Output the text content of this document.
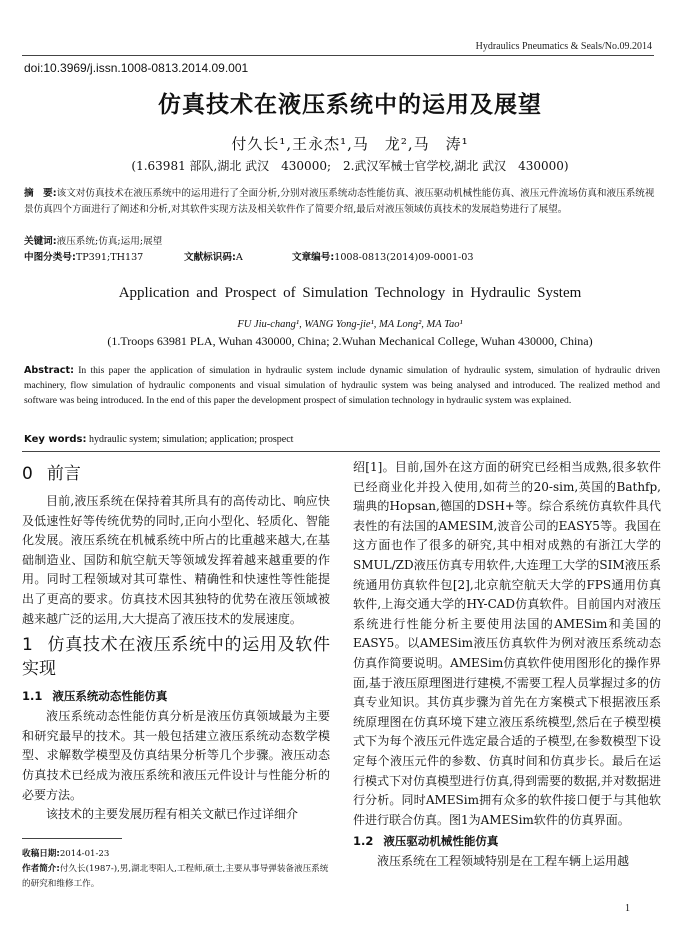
Hydraulics Pneumatics & Seals/No.09.2014
doi:10.3969/j.issn.1008-0813.2014.09.001
仿真技术在液压系统中的运用及展望
付久长¹,王永杰¹,马　龙²,马　涛¹
(1.63981 部队,湖北 武汉　430000;　2.武汉军械士官学校,湖北 武汉　430000)
摘　要:该文对仿真技术在液压系统中的运用进行了全面分析,分别对液压系统动态性能仿真、液压驱动机械性能仿真、液压元件流场仿真和液压系统视景仿真四个方面进行了阐述和分析,对其软件实现方法及相关软件作了简要介绍,最后对液压领域仿真技术的发展趋势进行了展望。
关键词:液压系统;仿真;运用;展望
中图分类号:TP391;TH137	文献标识码:A	文章编号:1008-0813(2014)09-0001-03
Application and Prospect of Simulation Technology in Hydraulic System
FU Jiu-chang¹, WANG Yong-jie¹, MA Long², MA Tao¹
(1.Troops 63981 PLA, Wuhan 430000, China; 2.Wuhan Mechanical College, Wuhan 430000, China)
Abstract: In this paper the application of simulation in hydraulic system include dynamic simulation of hydraulic system, simulation of hydraulic driven machinery, flow simulation of hydraulic components and visual simulation of hydraulic system was being analysed and introduced. The realized method and software was being introduced. In the end of this paper the development prospect of simulation technology in hydraulic system was explained.
Key words: hydraulic system; simulation; application; prospect
0 前言

目前,液压系统在保持着其所具有的高传动比、响应快及低速性好等传统优势的同时,正向小型化、轻质化、智能化发展。液压系统在机械系统中所占的比重越来越大,在基础制造业、国防和航空航天等领域发挥着越来越重要的作用。同时工程领域对其可靠性、精确性和快速性等性能提出了更高的要求。仿真技术因其独特的优势在液压领域被越来越广泛的运用,大大提高了液压技术的发展速度。

1 仿真技术在液压系统中的运用及软件实现
1.1 液压系统动态性能仿真

液压系统动态性能仿真分析是液压仿真领域最为主要和研究最早的技术。其一般包括建立液压系统动态数学模型、求解数学模型及仿真结果分析等几个步骤。液压动态仿真技术已经成为液压系统和液压元件设计与性能分析的必要方法。

该技术的主要发展历程有相关文献已作过详细介

绍[1]。目前,国外在这方面的研究已经相当成熟,很多软件已经商业化并投入使用,如荷兰的20-sim,英国的Bathfp,瑞典的Hopsan,德国的DSH+等。综合系统仿真软件具代表性的有法国的AMESIM,波音公司的EASY5等。我国在这方面也作了很多的研究,其中相对成熟的有浙江大学的SMUL/ZD液压仿真专用软件,大连理工大学的SIM液压系统通用仿真软件包[2],北京航空航天大学的FPS通用仿真软件,上海交通大学的HY-CAD仿真软件。目前国内对液压系统进行性能分析主要使用法国的AMESim和美国的EASY5。以AMESim液压仿真软件为例对液压系统动态仿真作简要说明。AMESim仿真软件使用图形化的操作界面,基于液压原理图进行建模,不需要工程人员掌握过多的仿真专业知识。其仿真步骤为首先在方案模式下根据液压系统原理图在仿真环境下建立液压系统模型,然后在子模型模式下为每个液压元件选定最合适的子模型,在参数模型下设定每个液压元件的参数、仿真时间和仿真步长。最后在运行模式下对仿真模型进行仿真,得到需要的数据,并对数据进行分析。同时AMESim拥有众多的软件接口便于与其他软件进行联合仿真。图1为AMESim软件的仿真界面。

1.2 液压驱动机械性能仿真

液压系统在工程领域特别是在工程车辆上运用越

收稿日期:2014-01-23
作者简介:付久长(1987-),男,湖北枣阳人,工程师,硕士,主要从事导弹装备液压系统的研究和维修工作。
1
